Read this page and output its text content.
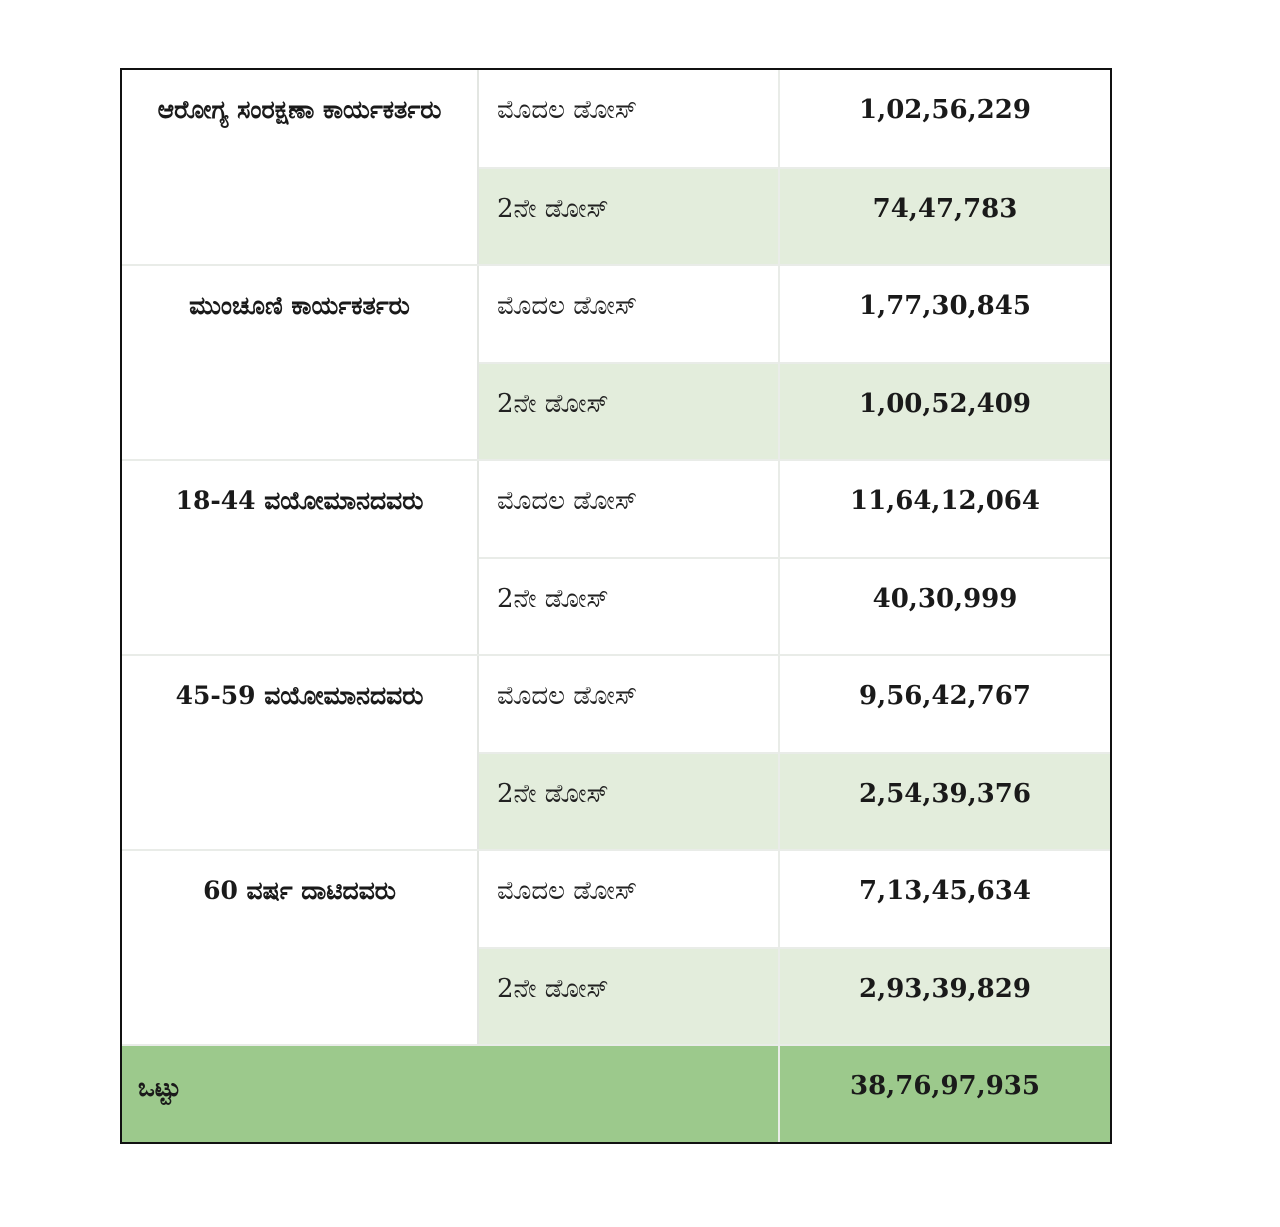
ಆರೋಗ್ಯ ಸಂರಕ್ಷಣಾ ಕಾರ್ಯಕರ್ತರು	ಮೊದಲ ಡೋಸ್	1,02,56,229
	2ನೇ ಡೋಸ್	74,47,783
ಮುಂಚೂಣಿ ಕಾರ್ಯಕರ್ತರು	ಮೊದಲ ಡೋಸ್	1,77,30,845
	2ನೇ ಡೋಸ್	1,00,52,409
18-44 ವಯೋಮಾನದವರು	ಮೊದಲ ಡೋಸ್	11,64,12,064
	2ನೇ ಡೋಸ್	40,30,999
45-59 ವಯೋಮಾನದವರು	ಮೊದಲ ಡೋಸ್	9,56,42,767
	2ನೇ ಡೋಸ್	2,54,39,376
60 ವರ್ಷ ದಾಟಿದವರು	ಮೊದಲ ಡೋಸ್	7,13,45,634
	2ನೇ ಡೋಸ್	2,93,39,829
ಒಟ್ಟು		38,76,97,935
